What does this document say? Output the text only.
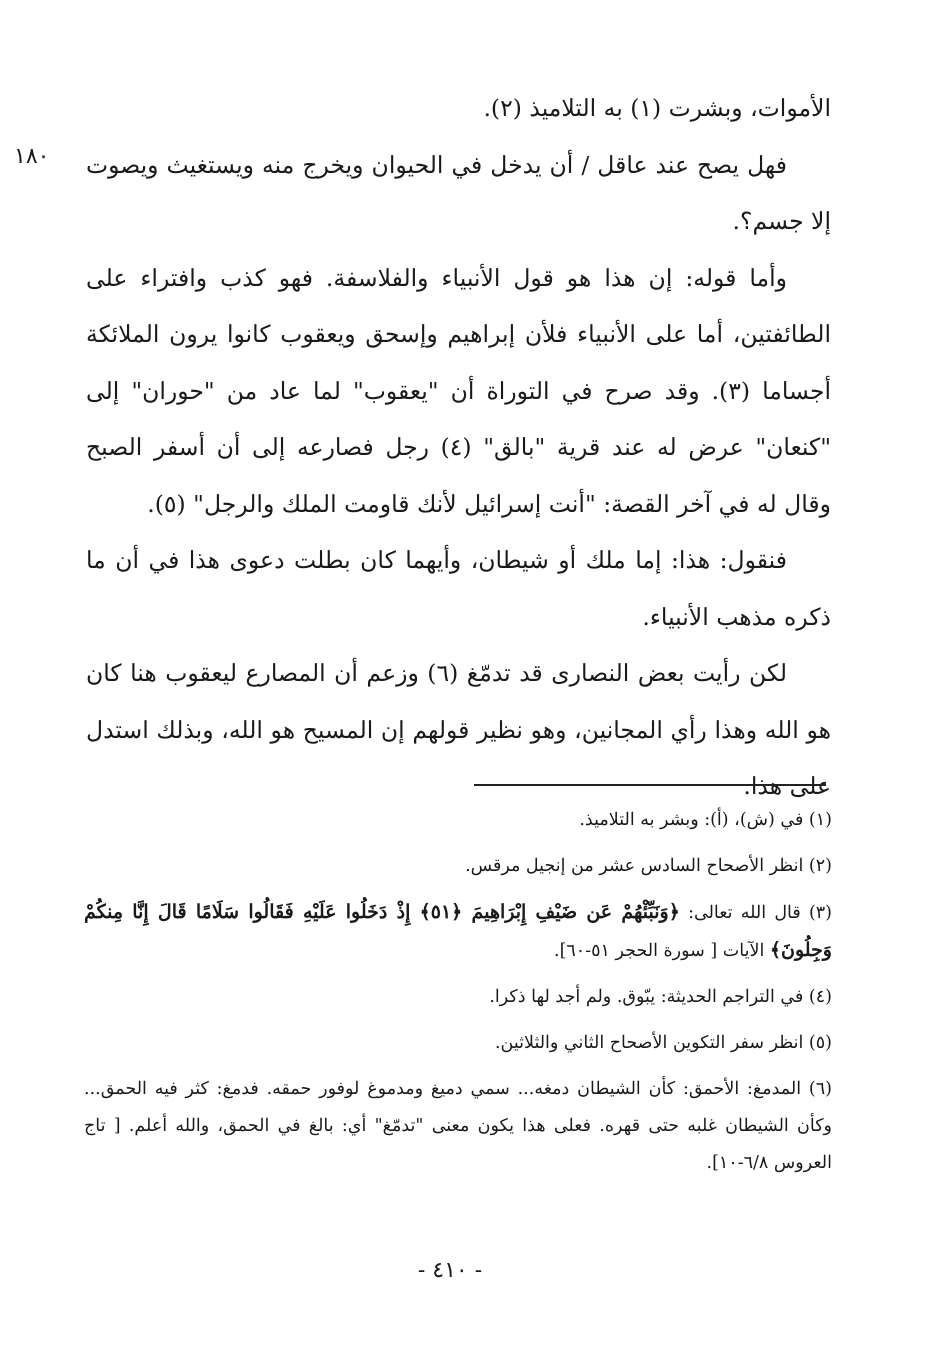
١٨٠

الأموات، وبشرت (١) به التلاميذ (٢).

فهل يصح عند عاقل / أن يدخل في الحيوان ويخرج منه ويستغيث ويصوت إلا جسم؟.

وأما قوله: إن هذا هو قول الأنبياء والفلاسفة. فهو كذب وافتراء على الطائفتين، أما على الأنبياء فلأن إبراهيم وإسحق ويعقوب كانوا يرون الملائكة أجساما (٣). وقد صرح في التوراة أن "يعقوب" لما عاد من "حوران" إلى "كنعان" عرض له عند قرية "بالق" (٤) رجل فصارعه إلى أن أسفر الصبح وقال له في آخر القصة: "أنت إسرائيل لأنك قاومت الملك والرجل" (٥).

فنقول: هذا: إما ملك أو شيطان، وأيهما كان بطلت دعوى هذا في أن ما ذكره مذهب الأنبياء.

لكن رأيت بعض النصارى قد تدمّغ (٦) وزعم أن المصارع ليعقوب هنا كان هو الله وهذا رأي المجانين، وهو نظير قولهم إن المسيح هو الله، وبذلك استدل على هذا.

(١) في (ش)، (أ): وبشر به التلاميذ.

(٢) انظر الأصحاح السادس عشر من إنجيل مرقس.

(٣) قال الله تعالى: ﴿وَنَبِّئْهُمْ عَن ضَيْفِ إِبْرَاهِيمَ ﴿٥١﴾ إِذْ دَخَلُوا عَلَيْهِ فَقَالُوا سَلَامًا قَالَ إِنَّا مِنكُمْ وَجِلُونَ﴾ الآيات [ سورة الحجر ٥١-٦٠].

(٤) في التراجم الحديثة: يبّوق. ولم أجد لها ذكرا.

(٥) انظر سفر التكوين الأصحاح الثاني والثلاثين.

(٦) المدمغ: الأحمق: كأن الشيطان دمغه... سمي دميغ ومدموغ لوفور حمقه. فدمغ: كثر فيه الحمق... وكأن الشيطان غلبه حتى قهره. فعلى هذا يكون معنى "تدمّغ" أي: بالغ في الحمق، والله أعلم. [ تاج العروس ٦/٨-١٠].

- ٤١٠ -
